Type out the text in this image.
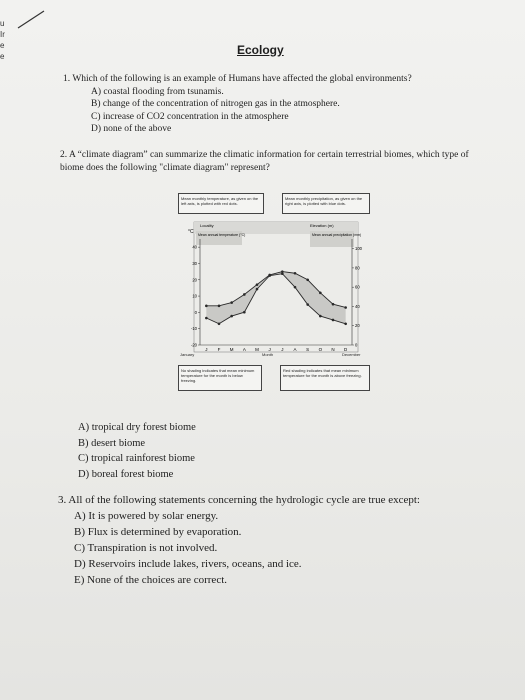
u
Ir
e
e	Ecology
1. Which of the following is an example of Humans have affected the global environments?
A) coastal flooding from tsunamis.
B) change of the concentration of nitrogen gas in the atmosphere.
C) increase of CO2 concentration in the atmosphere
D) none of the above
2. A “climate diagram” can summarize the climatic information for certain terrestrial biomes, which type of biome does the following "climate diagram" represent?
Mean monthly temperature, as given on the left axis, is plotted with red dots.
Mean monthly precipitation, as given on the right axis, is plotted with blue dots.
Locality	Elevation (m)
°C Mean annual temperature (°C)	Mean annual precipitation (mm)
40
30
20
10
0
-10
-20
100
80
60
40
20
0
J F M A M J J A S O N D
January	Month	December
No shading indicates that mean minimum temperature for the month is below freezing.
Red shading indicates that mean minimum temperature for the month is above freezing.
A) tropical dry forest biome
B) desert biome
C) tropical rainforest biome
D) boreal forest biome
3. All of the following statements concerning the hydrologic cycle are true except:
A) It is powered by solar energy.
B) Flux is determined by evaporation.
C) Transpiration is not involved.
D) Reservoirs include lakes, rivers, oceans, and ice.
E) None of the choices are correct.
